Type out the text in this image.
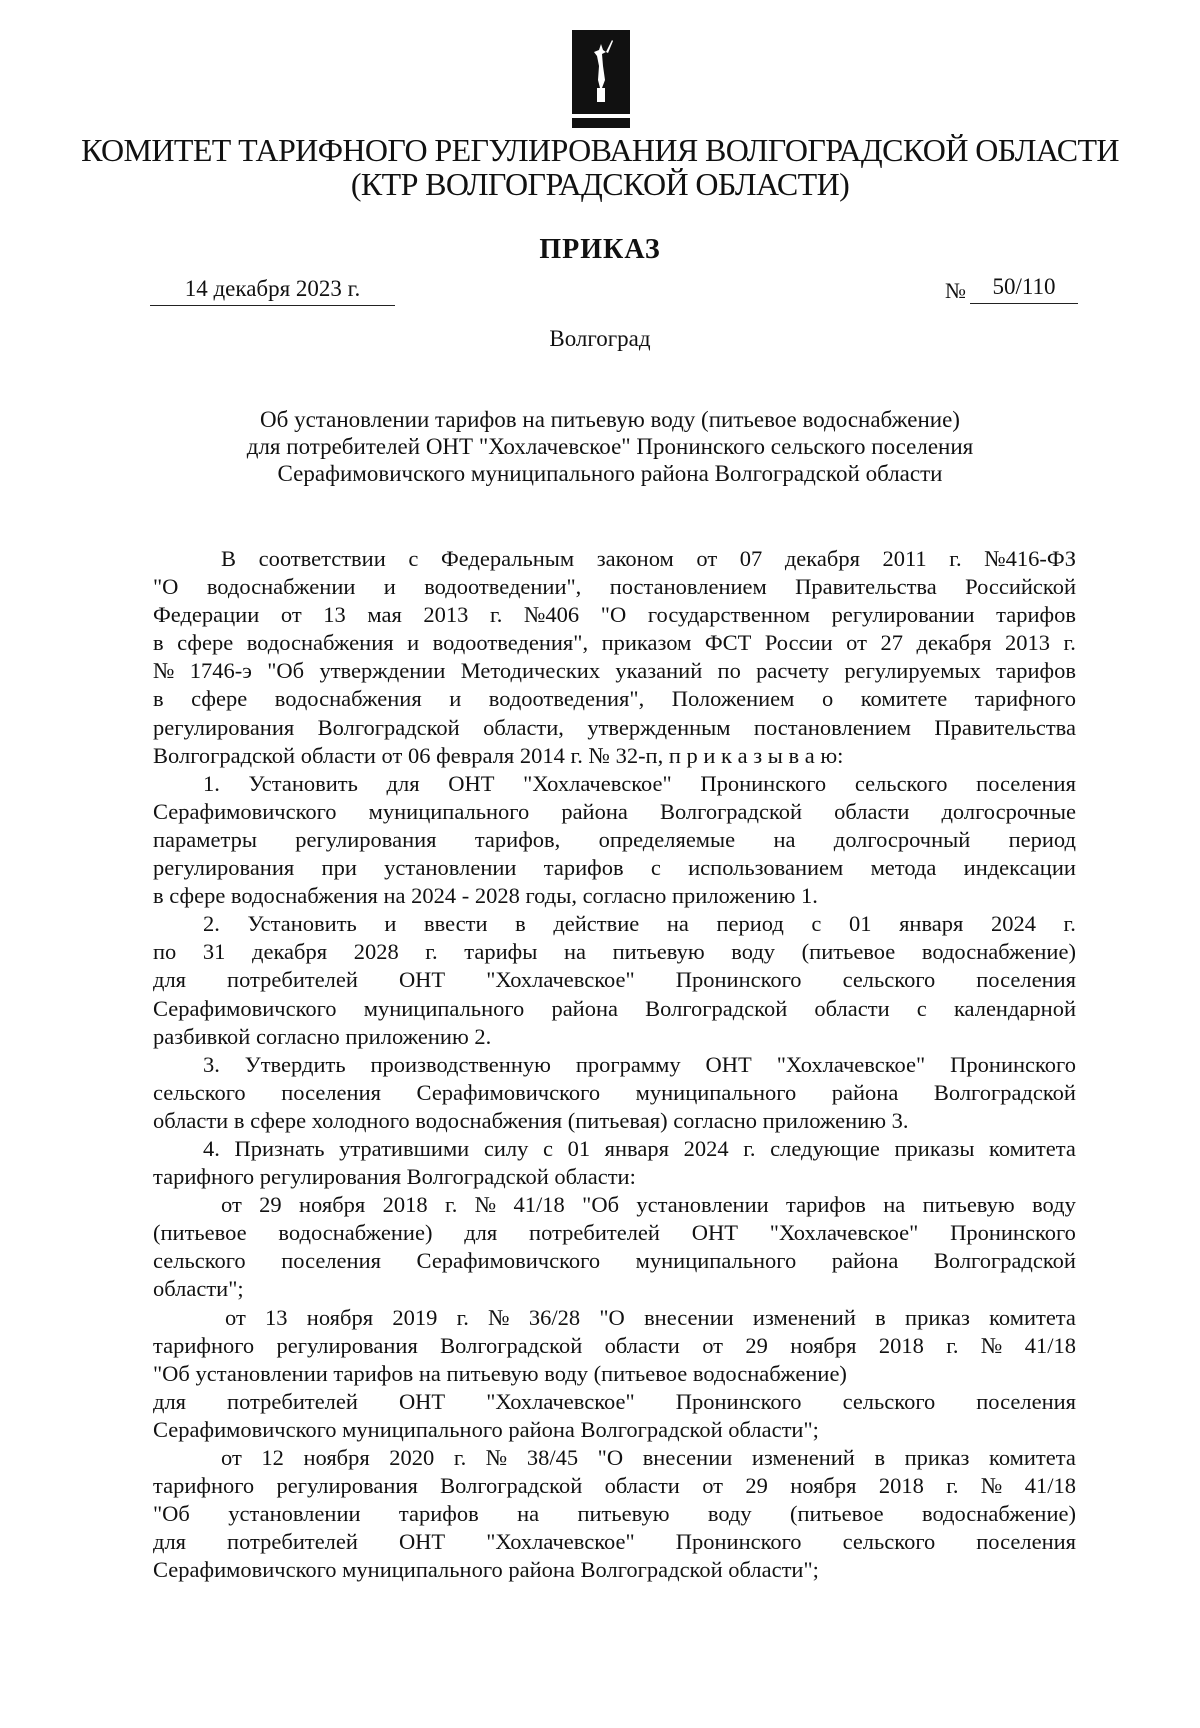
КОМИТЕТ ТАРИФНОГО РЕГУЛИРОВАНИЯ ВОЛГОГРАДСКОЙ ОБЛАСТИ
(КТР ВОЛГОГРАДСКОЙ ОБЛАСТИ)
ПРИКАЗ
14 декабря 2023 г.	№ 50/110
Волгоград
Об установлении тарифов на питьевую воду (питьевое водоснабжение)
для потребителей ОНТ "Хохлачевское" Пронинского сельского поселения
Серафимовичского муниципального района Волгоградской области
В соответствии с Федеральным законом от 07 декабря 2011 г. №416-ФЗ
"О водоснабжении и водоотведении", постановлением Правительства Российской
Федерации от 13 мая 2013 г. №406 "О государственном регулировании тарифов
в сфере водоснабжения и водоотведения", приказом ФСТ России от 27 декабря 2013 г.
№ 1746-э "Об утверждении Методических указаний по расчету регулируемых тарифов
в сфере водоснабжения и водоотведения", Положением о комитете тарифного
регулирования Волгоградской области, утвержденным постановлением Правительства
Волгоградской области от 06 февраля 2014 г. № 32-п, п р и к а з ы в а ю:
1. Установить для ОНТ "Хохлачевское" Пронинского сельского поселения
Серафимовичского муниципального района Волгоградской области долгосрочные
параметры регулирования тарифов, определяемые на долгосрочный период
регулирования при установлении тарифов с использованием метода индексации
в сфере водоснабжения на 2024 - 2028 годы, согласно приложению 1.
2. Установить и ввести в действие на период с 01 января 2024 г.
по 31 декабря 2028 г. тарифы на питьевую воду (питьевое водоснабжение)
для потребителей ОНТ "Хохлачевское" Пронинского сельского поселения
Серафимовичского муниципального района Волгоградской области с календарной
разбивкой согласно приложению 2.
3. Утвердить производственную программу ОНТ "Хохлачевское" Пронинского
сельского поселения Серафимовичского муниципального района Волгоградской
области в сфере холодного водоснабжения (питьевая) согласно приложению 3.
4. Признать утратившими силу с 01 января 2024 г. следующие приказы комитета
тарифного регулирования Волгоградской области:
от 29 ноября 2018 г. № 41/18 "Об установлении тарифов на питьевую воду
(питьевое водоснабжение) для потребителей ОНТ "Хохлачевское" Пронинского
сельского поселения Серафимовичского муниципального района Волгоградской
области";
от 13 ноября 2019 г. № 36/28 "О внесении изменений в приказ комитета
тарифного регулирования Волгоградской области от 29 ноября 2018 г. № 41/18
"Об установлении тарифов на питьевую воду (питьевое водоснабжение)
для потребителей ОНТ "Хохлачевское" Пронинского сельского поселения
Серафимовичского муниципального района Волгоградской области";
от 12 ноября 2020 г. № 38/45 "О внесении изменений в приказ комитета
тарифного регулирования Волгоградской области от 29 ноября 2018 г. № 41/18
"Об установлении тарифов на питьевую воду (питьевое водоснабжение)
для потребителей ОНТ "Хохлачевское" Пронинского сельского поселения
Серафимовичского муниципального района Волгоградской области";
